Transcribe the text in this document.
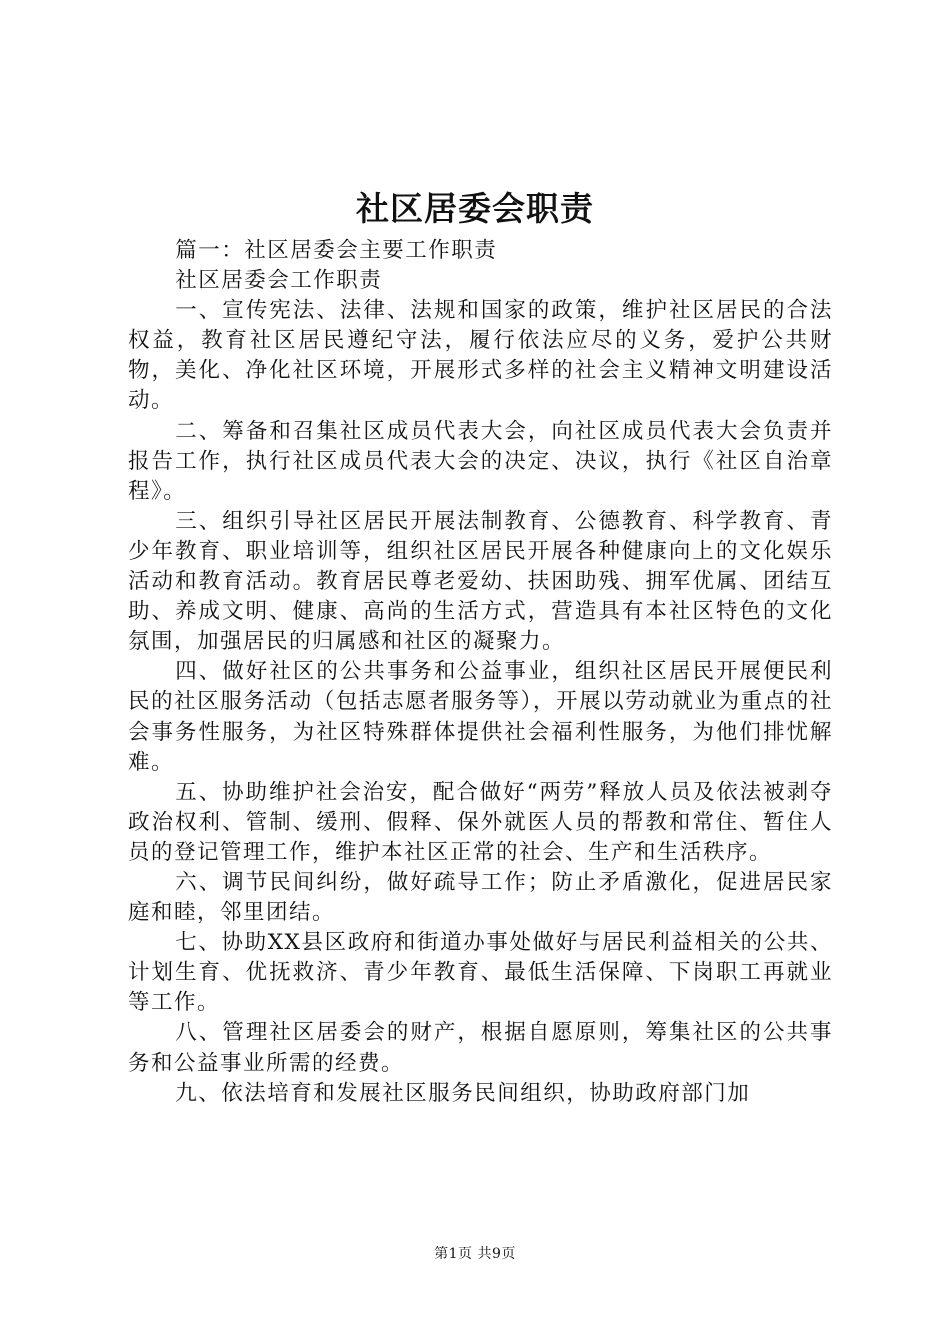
社区居委会职责

篇一：社区居委会主要工作职责

社区居委会工作职责

一、宣传宪法、法律、法规和国家的政策，维护社区居民的合法权益，教育社区居民遵纪守法，履行依法应尽的义务，爱护公共财物，美化、净化社区环境，开展形式多样的社会主义精神文明建设活动。

二、筹备和召集社区成员代表大会，向社区成员代表大会负责并报告工作，执行社区成员代表大会的决定、决议，执行《社区自治章程》。

三、组织引导社区居民开展法制教育、公德教育、科学教育、青少年教育、职业培训等，组织社区居民开展各种健康向上的文化娱乐活动和教育活动。教育居民尊老爱幼、扶困助残、拥军优属、团结互助、养成文明、健康、高尚的生活方式，营造具有本社区特色的文化氛围，加强居民的归属感和社区的凝聚力。

四、做好社区的公共事务和公益事业，组织社区居民开展便民利民的社区服务活动（包括志愿者服务等），开展以劳动就业为重点的社会事务性服务，为社区特殊群体提供社会福利性服务，为他们排忧解难。

五、协助维护社会治安，配合做好“两劳”释放人员及依法被剥夺政治权利、管制、缓刑、假释、保外就医人员的帮教和常住、暂住人员的登记管理工作，维护本社区正常的社会、生产和生活秩序。

六、调节民间纠纷，做好疏导工作；防止矛盾激化，促进居民家庭和睦，邻里团结。

七、协助XX县区政府和街道办事处做好与居民利益相关的公共、计划生育、优抚救济、青少年教育、最低生活保障、下岗职工再就业等工作。

八、管理社区居委会的财产，根据自愿原则，筹集社区的公共事务和公益事业所需的经费。

九、依法培育和发展社区服务民间组织，协助政府部门加

第1页 共9页
